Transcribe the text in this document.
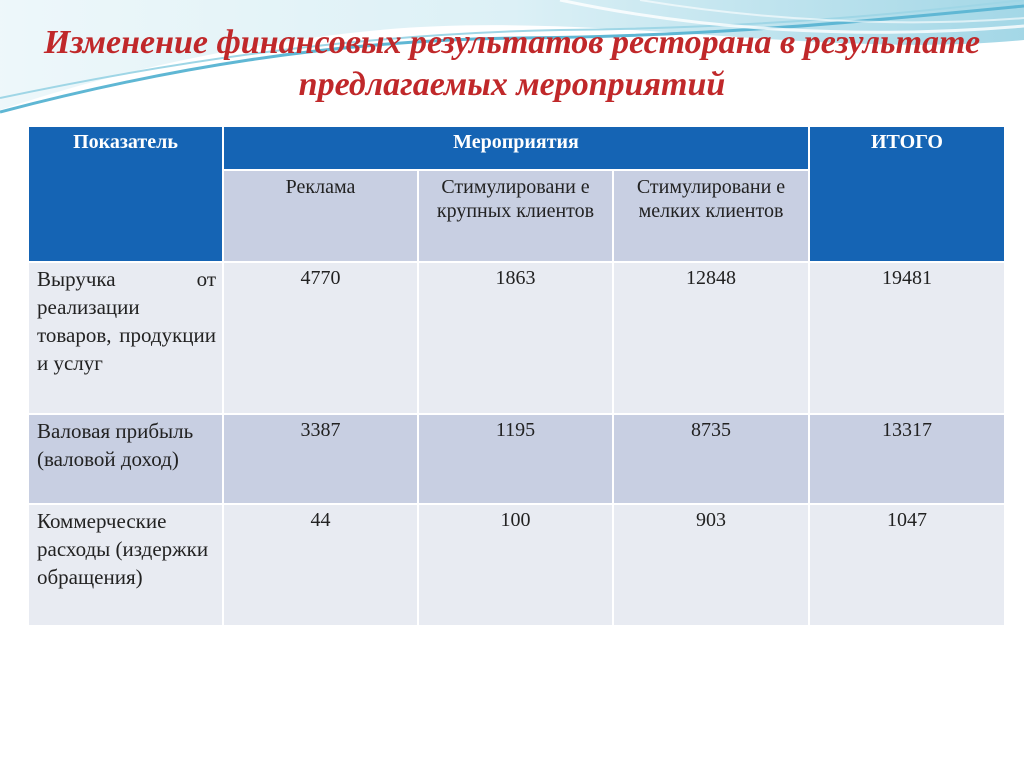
Изменение финансовых результатов ресторана в результате предлагаемых мероприятий
Показатель	Мероприятия			ИТОГО
	Реклама	Стимулировани е крупных клиентов	Стимулировани е мелких клиентов	
Выручка от реализации товаров, продукции и услуг	4770	1863	12848	19481
Валовая прибыль (валовой доход)	3387	1195	8735	13317
Коммерческие расходы (издержки обращения)	44	100	903	1047
